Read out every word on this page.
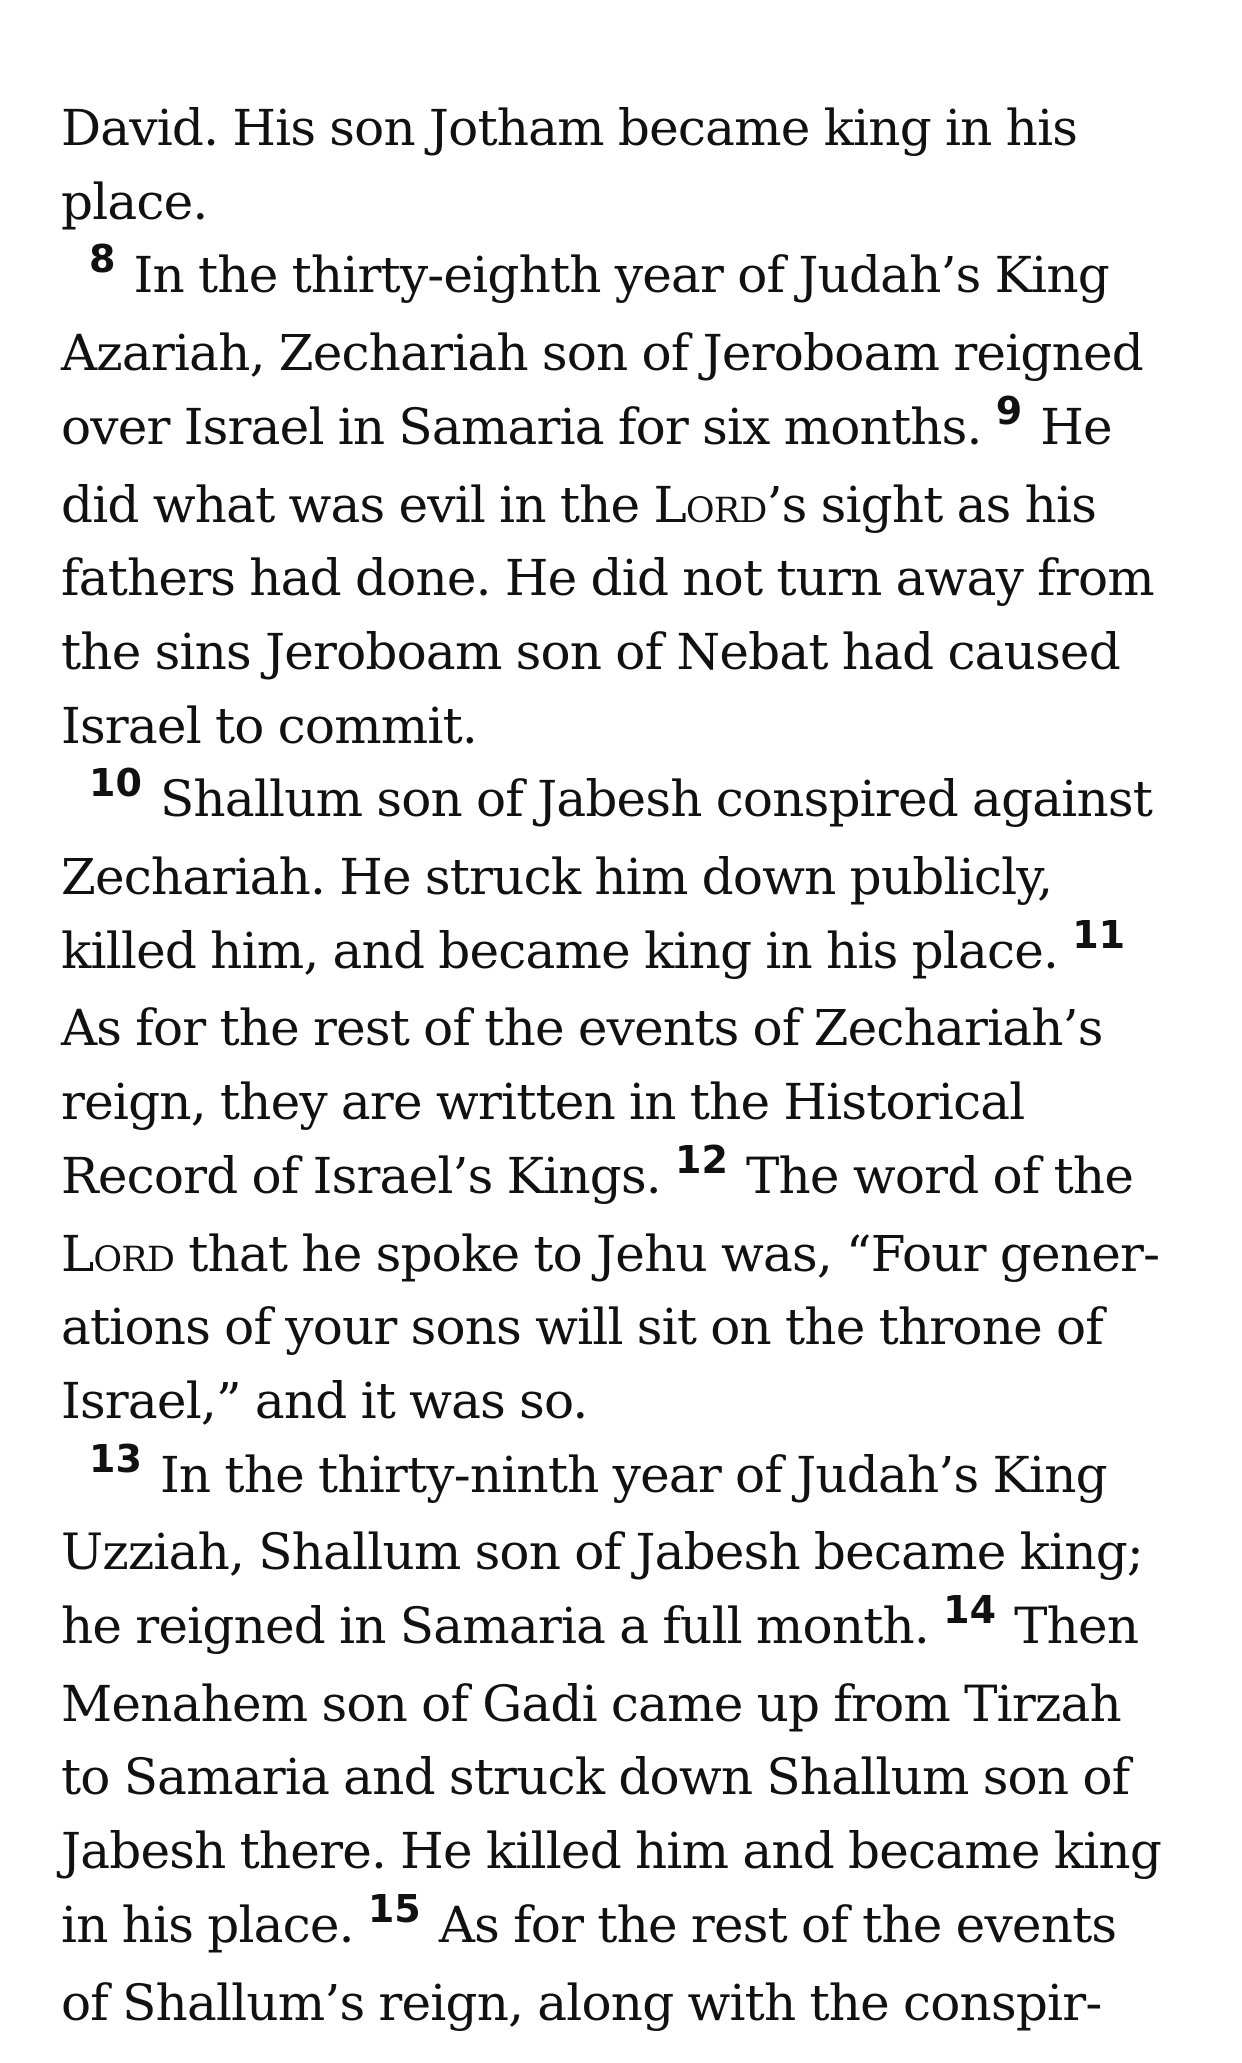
David. His son Jotham became king in his
place.

$^8$ In the thirty-eighth year of Judah’s King
Azariah, Zechariah son of Jeroboam reigned
over Israel in Samaria for six months. $^9$ He
did what was evil in the Lord’s sight as his
fathers had done. He did not turn away from
the sins Jeroboam son of Nebat had caused
Israel to commit.

$^{10}$ Shallum son of Jabesh conspired against
Zechariah. He struck him down publicly,
killed him, and became king in his place. $^{11}$
As for the rest of the events of Zechariah’s
reign, they are written in the Historical
Record of Israel’s Kings. $^{12}$ The word of the
Lord that he spoke to Jehu was, “Four gener-
ations of your sons will sit on the throne of
Israel,” and it was so.

$^{13}$ In the thirty-ninth year of Judah’s King
Uzziah, Shallum son of Jabesh became king;
he reigned in Samaria a full month. $^{14}$ Then
Menahem son of Gadi came up from Tirzah
to Samaria and struck down Shallum son of
Jabesh there. He killed him and became king
in his place. $^{15}$ As for the rest of the events
of Shallum’s reign, along with the conspir-
